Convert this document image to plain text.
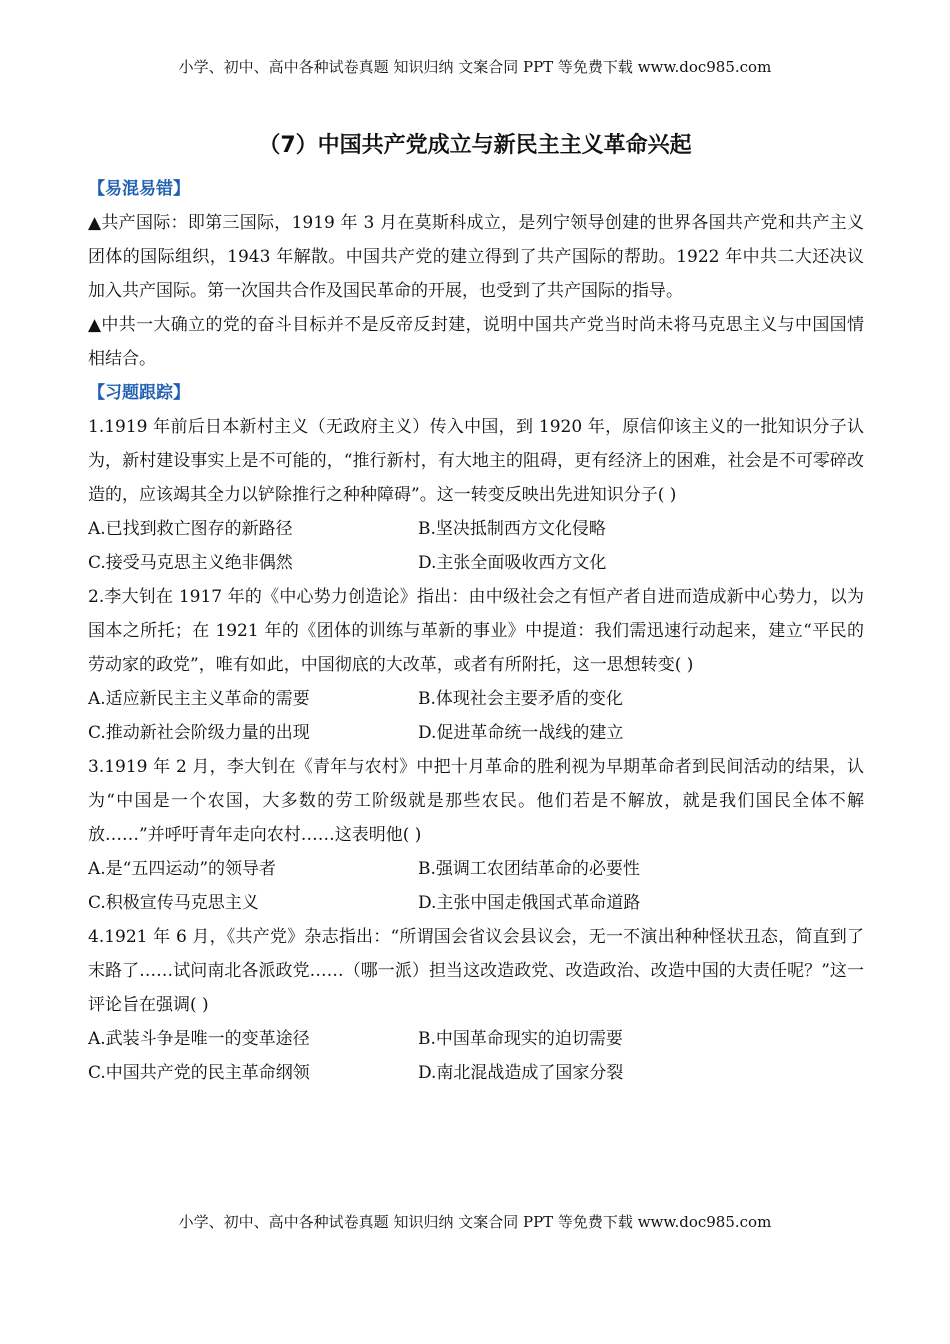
小学、初中、高中各种试卷真题 知识归纳 文案合同 PPT 等免费下载 www.doc985.com
（7）中国共产党成立与新民主主义革命兴起

【易混易错】

▲共产国际：即第三国际，1919 年 3 月在莫斯科成立，是列宁领导创建的世界各国共产党和共产主义团体的国际组织，1943 年解散。中国共产党的建立得到了共产国际的帮助。1922 年中共二大还决议加入共产国际。第一次国共合作及国民革命的开展，也受到了共产国际的指导。

▲中共一大确立的党的奋斗目标并不是反帝反封建，说明中国共产党当时尚未将马克思主义与中国国情相结合。

【习题跟踪】

1.1919 年前后日本新村主义（无政府主义）传入中国，到 1920 年，原信仰该主义的一批知识分子认为，新村建设事实上是不可能的，“推行新村，有大地主的阻碍，更有经济上的困难，社会是不可零碎改造的，应该竭其全力以铲除推行之种种障碍”。这一转变反映出先进知识分子( )

A.已找到救亡图存的新路径	B.坚决抵制西方文化侵略
C.接受马克思主义绝非偶然	D.主张全面吸收西方文化

2.李大钊在 1917 年的《中心势力创造论》指出：由中级社会之有恒产者自进而造成新中心势力，以为国本之所托；在 1921 年的《团体的训练与革新的事业》中提道：我们需迅速行动起来，建立“平民的劳动家的政党”，唯有如此，中国彻底的大改革，或者有所附托，这一思想转变( )

A.适应新民主主义革命的需要	B.体现社会主要矛盾的变化
C.推动新社会阶级力量的出现	D.促进革命统一战线的建立

3.1919 年 2 月，李大钊在《青年与农村》中把十月革命的胜利视为早期革命者到民间活动的结果，认为“中国是一个农国，大多数的劳工阶级就是那些农民。他们若是不解放，就是我们国民全体不解放……”并呼吁青年走向农村……这表明他( )

A.是“五四运动”的领导者	B.强调工农团结革命的必要性
C.积极宣传马克思主义	D.主张中国走俄国式革命道路

4.1921 年 6 月，《共产党》杂志指出：“所谓国会省议会县议会，无一不演出种种怪状丑态，简直到了末路了……试问南北各派政党……（哪一派）担当这改造政党、改造政治、改造中国的大责任呢？”这一评论旨在强调( )

A.武装斗争是唯一的变革途径	B.中国革命现实的迫切需要
C.中国共产党的民主革命纲领	D.南北混战造成了国家分裂
小学、初中、高中各种试卷真题 知识归纳 文案合同 PPT 等免费下载 www.doc985.com
